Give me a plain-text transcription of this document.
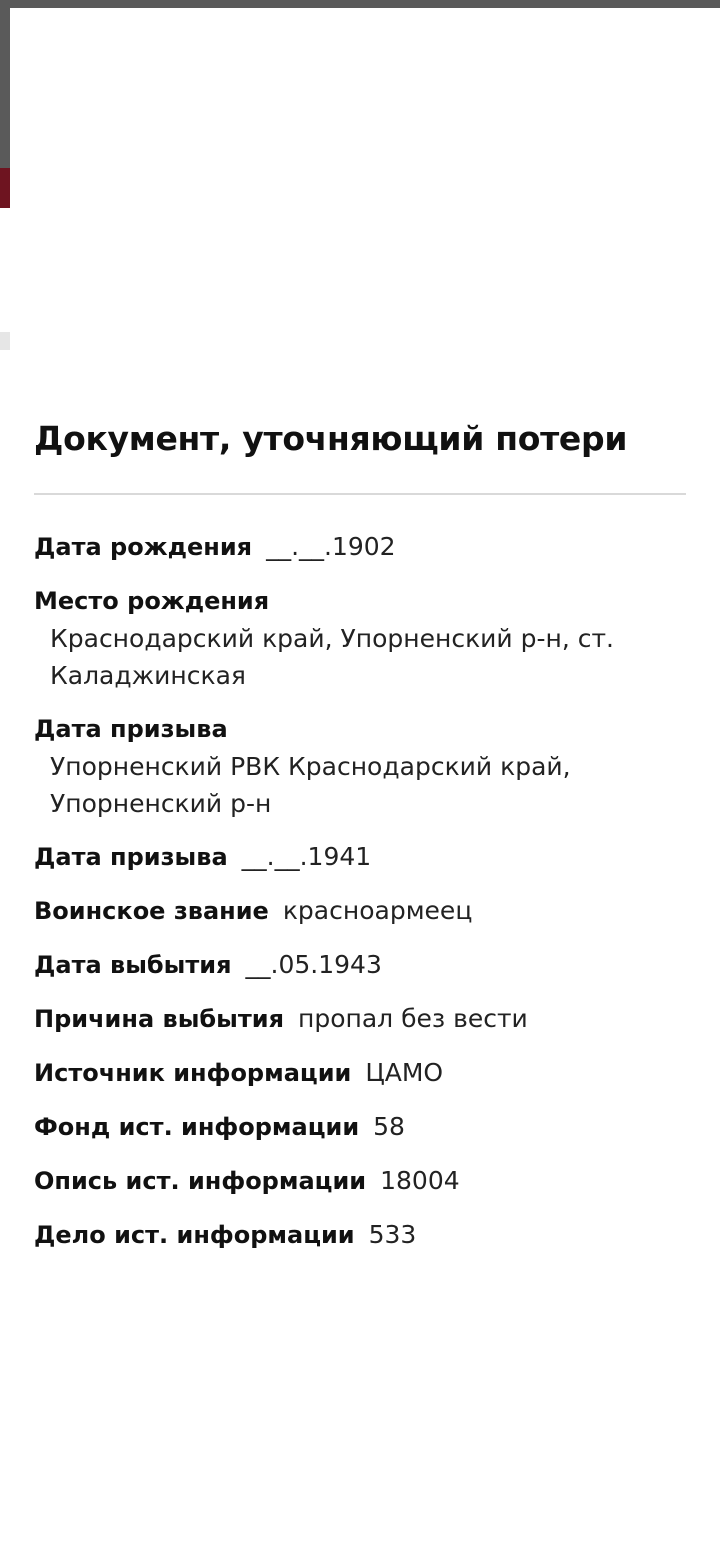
Документ, уточняющий потери
Дата рождения __.__.1902
Место рождения
Краснодарский край, Упорненский р-н, ст. Каладжинская
Дата призыва
Упорненский РВК Краснодарский край, Упорненский р-н
Дата призыва __.__.1941
Воинское звание красноармеец
Дата выбытия __.05.1943
Причина выбытия пропал без вести
Источник информации ЦАМО
Фонд ист. информации 58
Опись ист. информации 18004
Дело ист. информации 533
